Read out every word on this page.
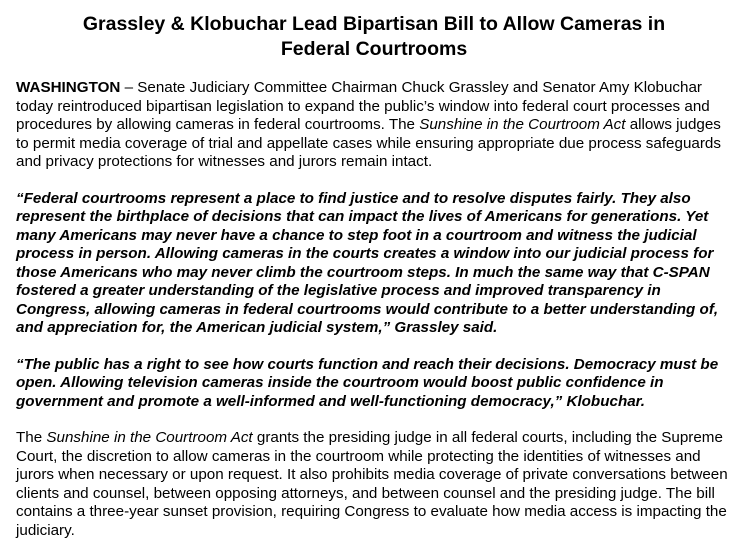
Grassley & Klobuchar Lead Bipartisan Bill to Allow Cameras in
Federal Courtrooms

WASHINGTON – Senate Judiciary Committee Chairman Chuck Grassley and Senator Amy Klobuchar today reintroduced bipartisan legislation to expand the public’s window into federal court processes and procedures by allowing cameras in federal courtrooms. The Sunshine in the Courtroom Act allows judges to permit media coverage of trial and appellate cases while ensuring appropriate due process safeguards and privacy protections for witnesses and jurors remain intact.

“Federal courtrooms represent a place to find justice and to resolve disputes fairly. They also represent the birthplace of decisions that can impact the lives of Americans for generations. Yet many Americans may never have a chance to step foot in a courtroom and witness the judicial process in person. Allowing cameras in the courts creates a window into our judicial process for those Americans who may never climb the courtroom steps. In much the same way that C-SPAN fostered a greater understanding of the legislative process and improved transparency in Congress, allowing cameras in federal courtrooms would contribute to a better understanding of, and appreciation for, the American judicial system,” Grassley said.

“The public has a right to see how courts function and reach their decisions. Democracy must be open. Allowing television cameras inside the courtroom would boost public confidence in government and promote a well-informed and well-functioning democracy,” Klobuchar.

The Sunshine in the Courtroom Act grants the presiding judge in all federal courts, including the Supreme Court, the discretion to allow cameras in the courtroom while protecting the identities of witnesses and jurors when necessary or upon request. It also prohibits media coverage of private conversations between clients and counsel, between opposing attorneys, and between counsel and the presiding judge. The bill contains a three-year sunset provision, requiring Congress to evaluate how media access is impacting the judiciary.
